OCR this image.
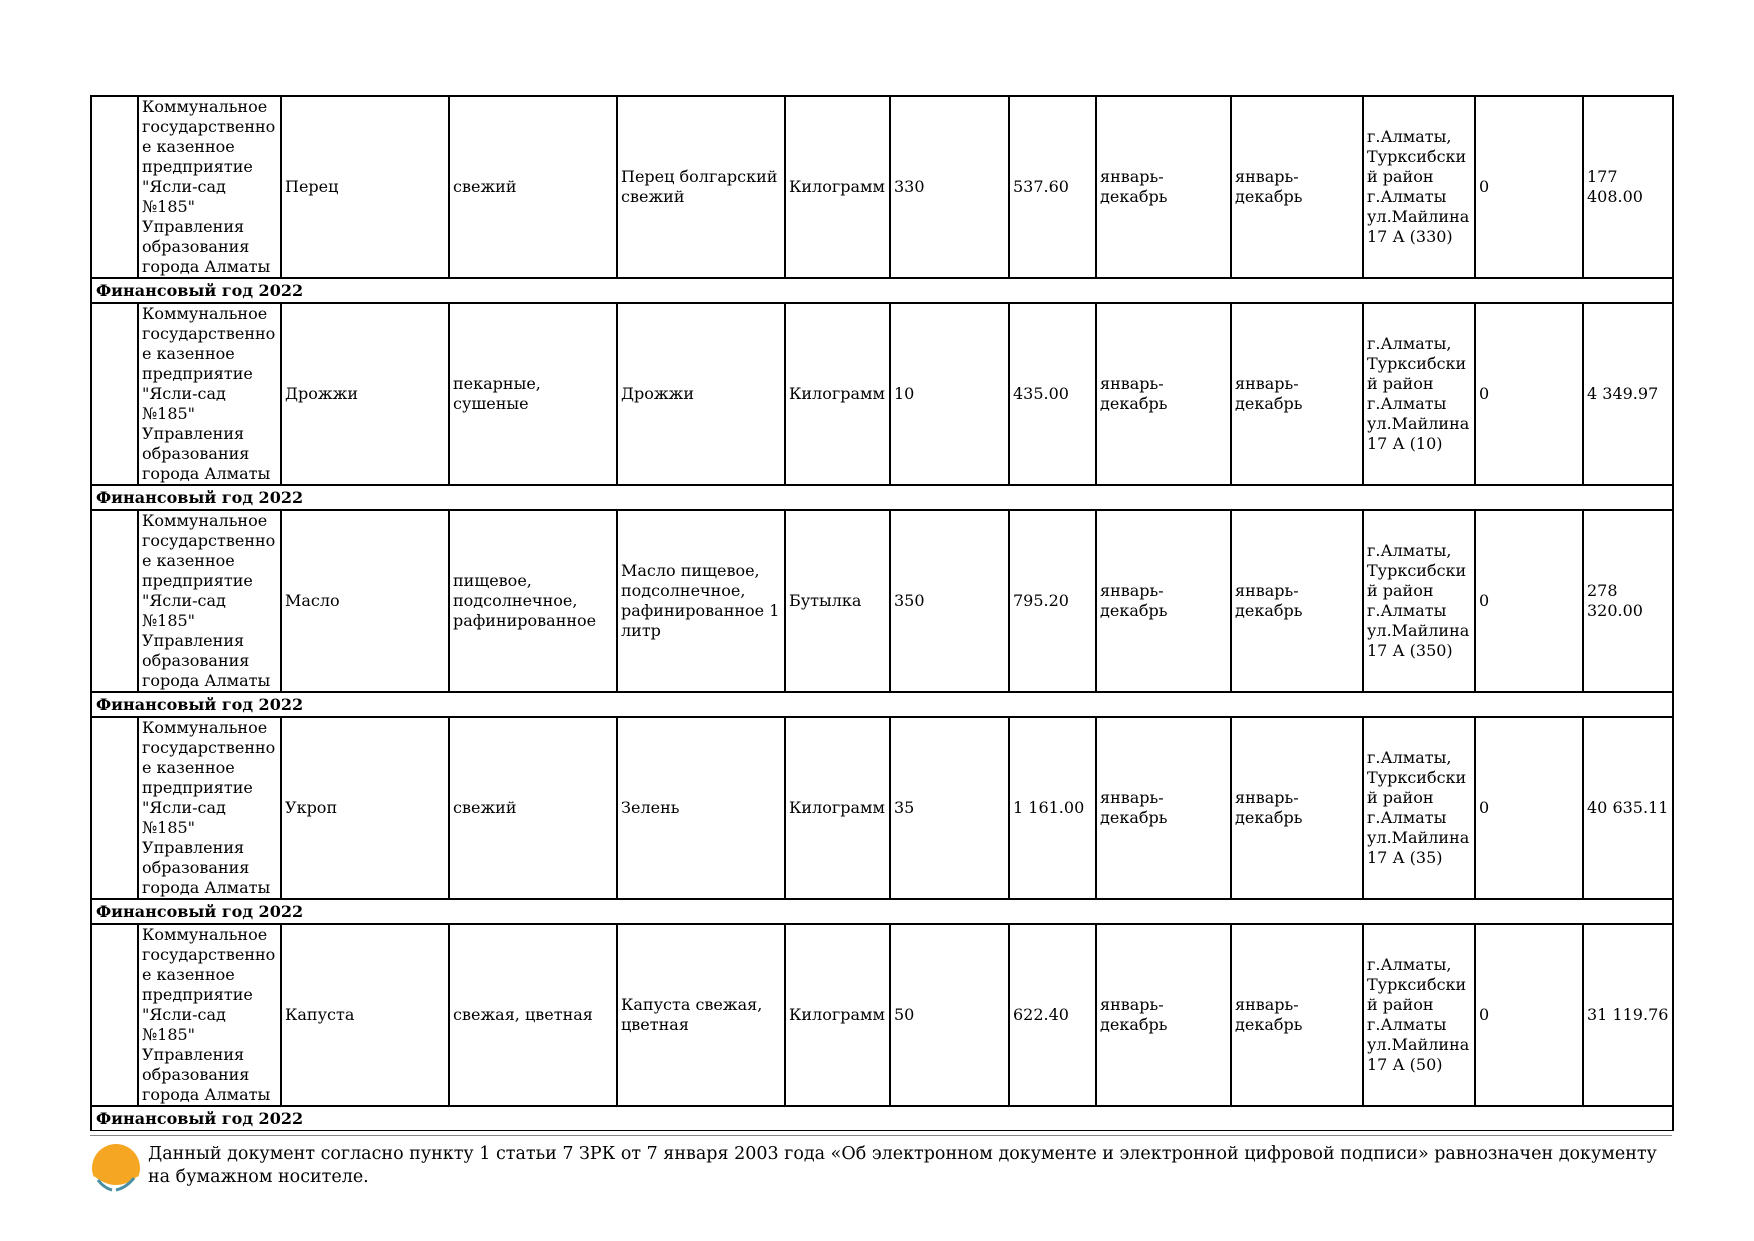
	Коммунальное государственное казенное предприятие "Ясли-сад №185" Управления образования города Алматы	Перец	свежий	Перец болгарский свежий	Килограмм	330	537.60	январь-декабрь	январь-декабрь	г.Алматы, Турксибский район г.Алматы ул.Майлина 17 А (330)	0	177 408.00
Финансовый год 2022												
	Коммунальное государственное казенное предприятие "Ясли-сад №185" Управления образования города Алматы	Дрожжи	пекарные, сушеные	Дрожжи	Килограмм	10	435.00	январь-декабрь	январь-декабрь	г.Алматы, Турксибский район г.Алматы ул.Майлина 17 А (10)	0	4 349.97
Финансовый год 2022												
	Коммунальное государственное казенное предприятие "Ясли-сад №185" Управления образования города Алматы	Масло	пищевое, подсолнечное, рафинированное	Масло пищевое, подсолнечное, рафинированное 1 литр	Бутылка	350	795.20	январь-декабрь	январь-декабрь	г.Алматы, Турксибский район г.Алматы ул.Майлина 17 А (350)	0	278 320.00
Финансовый год 2022												
	Коммунальное государственное казенное предприятие "Ясли-сад №185" Управления образования города Алматы	Укроп	свежий	Зелень	Килограмм	35	1 161.00	январь-декабрь	январь-декабрь	г.Алматы, Турксибский район г.Алматы ул.Майлина 17 А (35)	0	40 635.11
Финансовый год 2022												
	Коммунальное государственное казенное предприятие "Ясли-сад №185" Управления образования города Алматы	Капуста	свежая, цветная	Капуста свежая, цветная	Килограмм	50	622.40	январь-декабрь	январь-декабрь	г.Алматы, Турксибский район г.Алматы ул.Майлина 17 А (50)	0	31 119.76
Финансовый год 2022												
Данный документ согласно пункту 1 статьи 7 ЗРК от 7 января 2003 года «Об электронном документе и электронной цифровой подписи» равнозначен документу на бумажном носителе.
